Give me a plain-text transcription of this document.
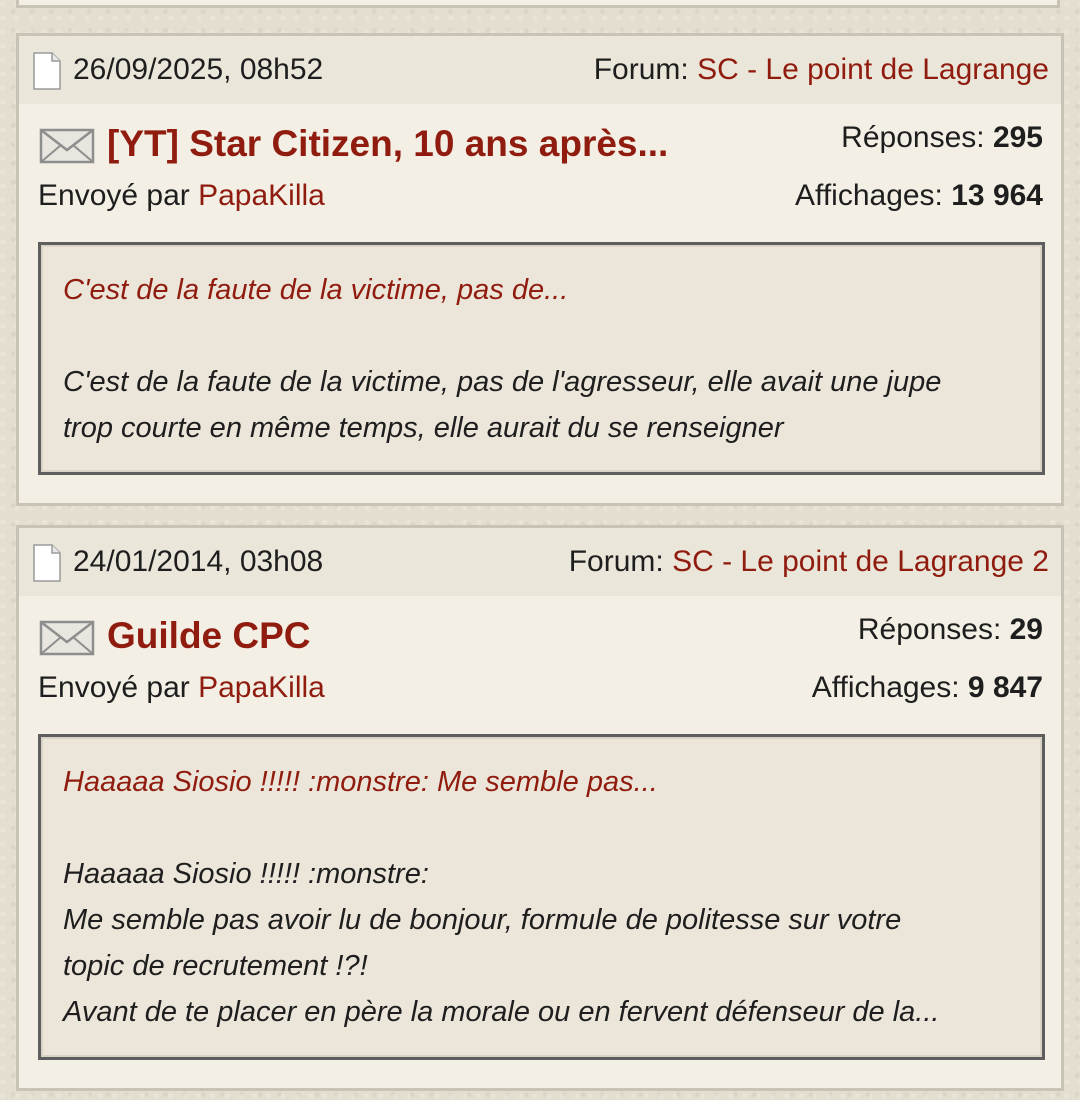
26/09/2025, 08h52	Forum: SC - Le point de Lagrange
[YT] Star Citizen, 10 ans après...	Réponses: 295
Envoyé par PapaKilla	Affichages: 13 964
C'est de la faute de la victime, pas de...
C'est de la faute de la victime, pas de l'agresseur, elle avait une jupe
trop courte en même temps, elle aurait du se renseigner
24/01/2014, 03h08	Forum: SC - Le point de Lagrange 2
Guilde CPC	Réponses: 29
Envoyé par PapaKilla	Affichages: 9 847
Haaaaa Siosio !!!!! :monstre: Me semble pas...
Haaaaa Siosio !!!!! :monstre:
Me semble pas avoir lu de bonjour, formule de politesse sur votre
topic de recrutement !?!
Avant de te placer en père la morale ou en fervent défenseur de la...
